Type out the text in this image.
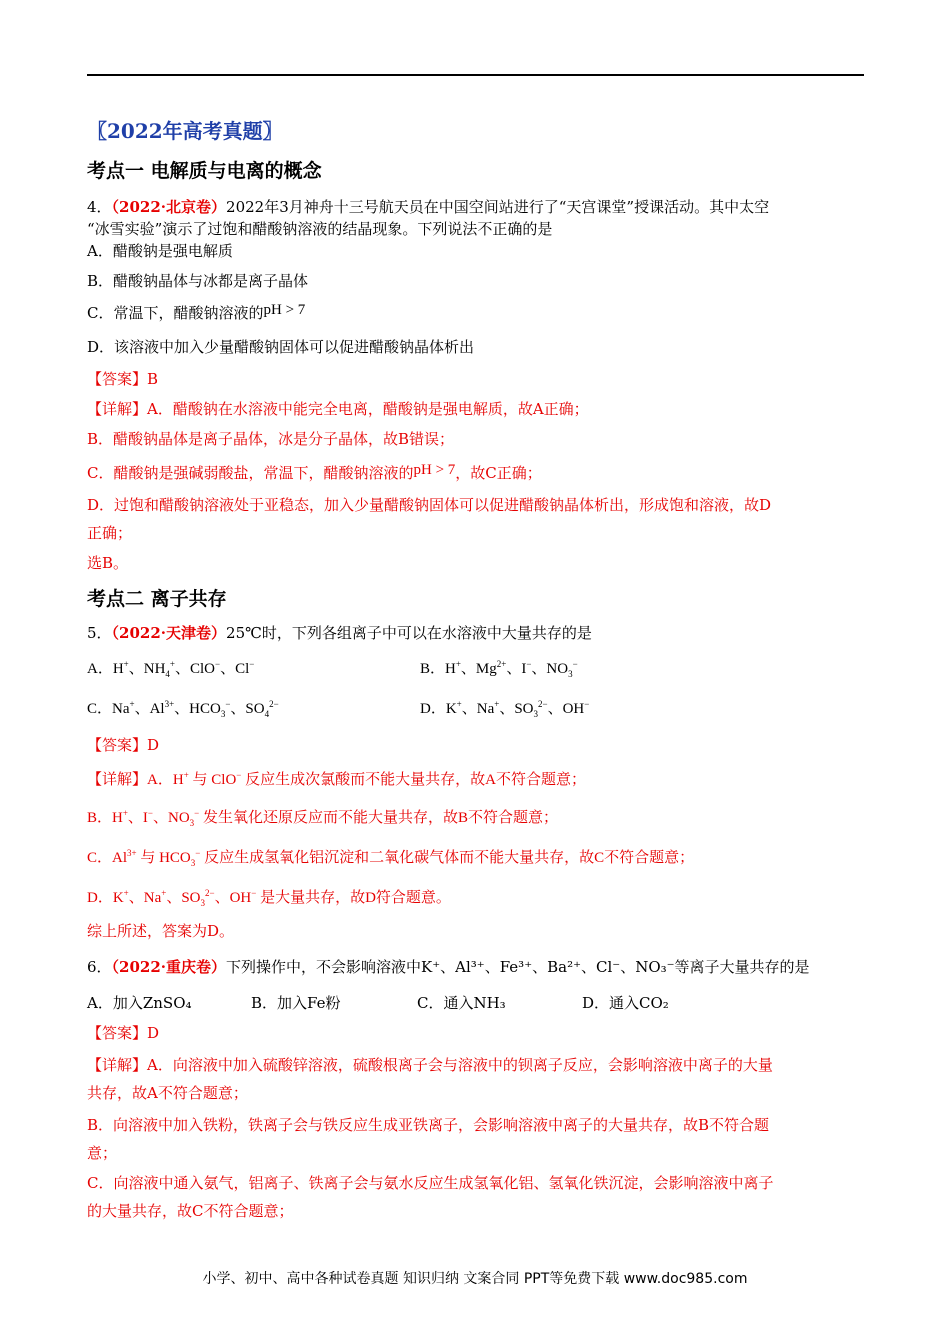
〖2022年高考真题〗
考点一 电解质与电离的概念
4．（2022·北京卷）2022年3月神舟十三号航天员在中国空间站进行了“天宫课堂”授课活动。其中太空
“冰雪实验”演示了过饱和醋酸钠溶液的结晶现象。下列说法不正确的是
A．醋酸钠是强电解质
B．醋酸钠晶体与冰都是离子晶体
C．常温下，醋酸钠溶液的pH > 7
D．该溶液中加入少量醋酸钠固体可以促进醋酸钠晶体析出
【答案】B
【详解】A．醋酸钠在水溶液中能完全电离，醋酸钠是强电解质，故A正确；
B．醋酸钠晶体是离子晶体，冰是分子晶体，故B错误；
C．醋酸钠是强碱弱酸盐，常温下，醋酸钠溶液的pH > 7，故C正确；
D．过饱和醋酸钠溶液处于亚稳态，加入少量醋酸钠固体可以促进醋酸钠晶体析出，形成饱和溶液，故D
正确；
选B。
考点二 离子共存
5．（2022·天津卷）25℃时，下列各组离子中可以在水溶液中大量共存的是
A．H+、$NH_4^+$、ClO−、Cl−	B．H+、$Mg^{2+}$、I−、$NO_3^-$
C．Na+、$Al^{3+}$、$HCO_3^-$、$SO_4^{2-}$	D．K+、Na+、$SO_3^{2-}$、OH−
【答案】D
【详解】A．H+ 与 ClO− 反应生成次氯酸而不能大量共存，故A不符合题意；
B．H+、I−、$NO_3^-$ 发生氧化还原反应而不能大量共存，故B不符合题意；
C．$Al^{3+}$ 与 $HCO_3^-$ 反应生成氢氧化铝沉淀和二氧化碳气体而不能大量共存，故C不符合题意；
D．K+、Na+、$SO_3^{2-}$、OH− 是大量共存，故D符合题意。
综上所述，答案为D。
6．（2022·重庆卷）下列操作中，不会影响溶液中K⁺、Al³⁺、Fe³⁺、Ba²⁺、Cl⁻、NO₃⁻等离子大量共存的是
A．加入ZnSO₄	B．加入Fe粉	C．通入NH₃	D．通入CO₂
【答案】D
【详解】A．向溶液中加入硫酸锌溶液，硫酸根离子会与溶液中的钡离子反应，会影响溶液中离子的大量
共存，故A不符合题意；
B．向溶液中加入铁粉，铁离子会与铁反应生成亚铁离子，会影响溶液中离子的大量共存，故B不符合题
意；
C．向溶液中通入氨气，铝离子、铁离子会与氨水反应生成氢氧化铝、氢氧化铁沉淀，会影响溶液中离子
的大量共存，故C不符合题意；
小学、初中、高中各种试卷真题 知识归纳 文案合同 PPT等免费下载 www.doc985.com
